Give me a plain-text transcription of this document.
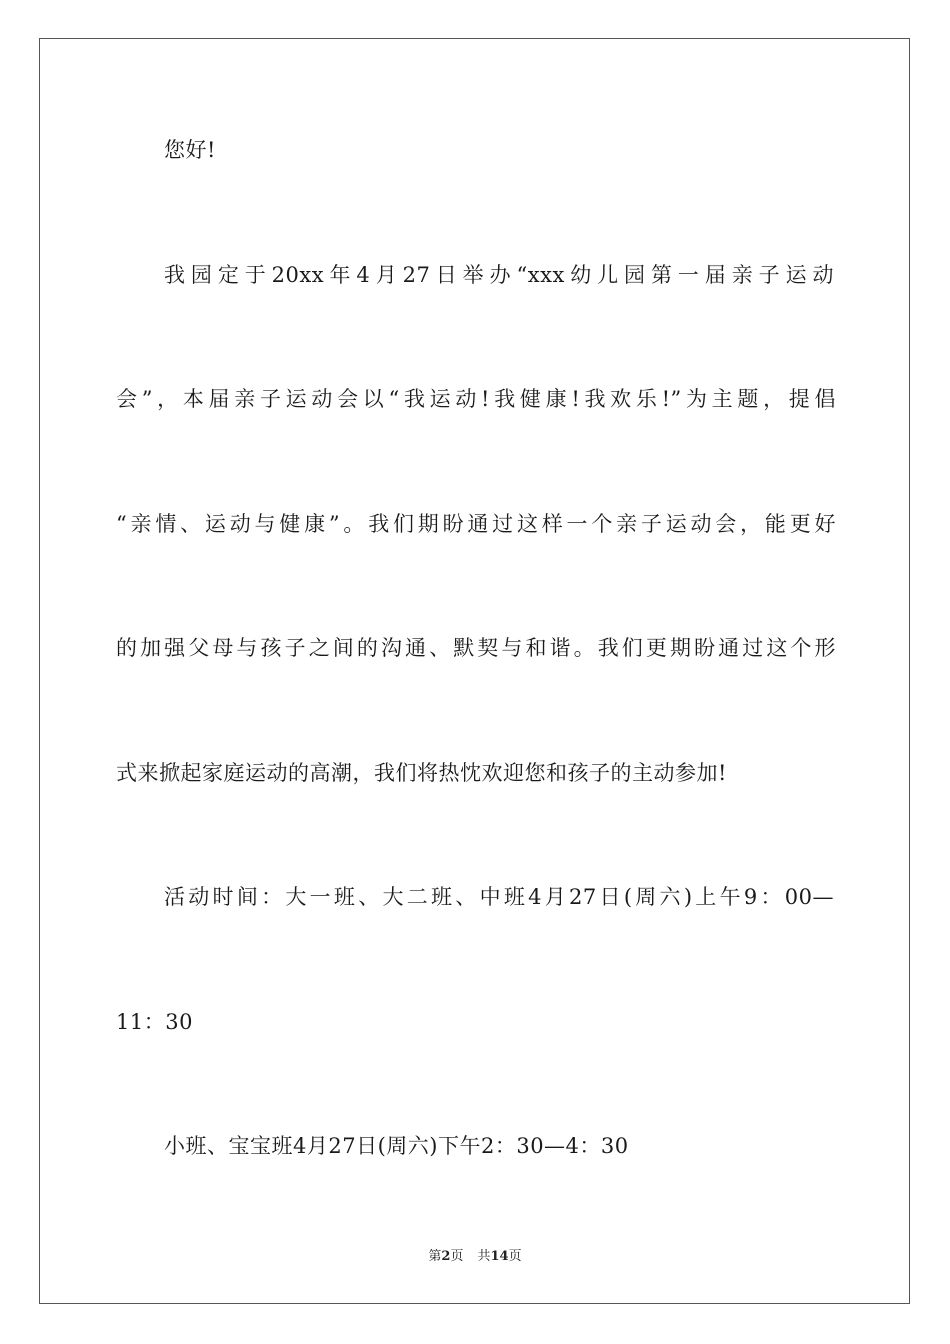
您好!
我园定于20xx年4月27日举办“xxx幼儿园第一届亲子运动
会”，本届亲子运动会以“我运动!我健康!我欢乐!”为主题，提倡
“亲情、运动与健康”。我们期盼通过这样一个亲子运动会，能更好
的加强父母与孩子之间的沟通、默契与和谐。我们更期盼通过这个形
式来掀起家庭运动的高潮，我们将热忱欢迎您和孩子的主动参加!
活动时间：大一班、大二班、中班4月27日(周六)上午9：00—
11：30
小班、宝宝班4月27日(周六)下午2：30—4：30
第2页 共14页
